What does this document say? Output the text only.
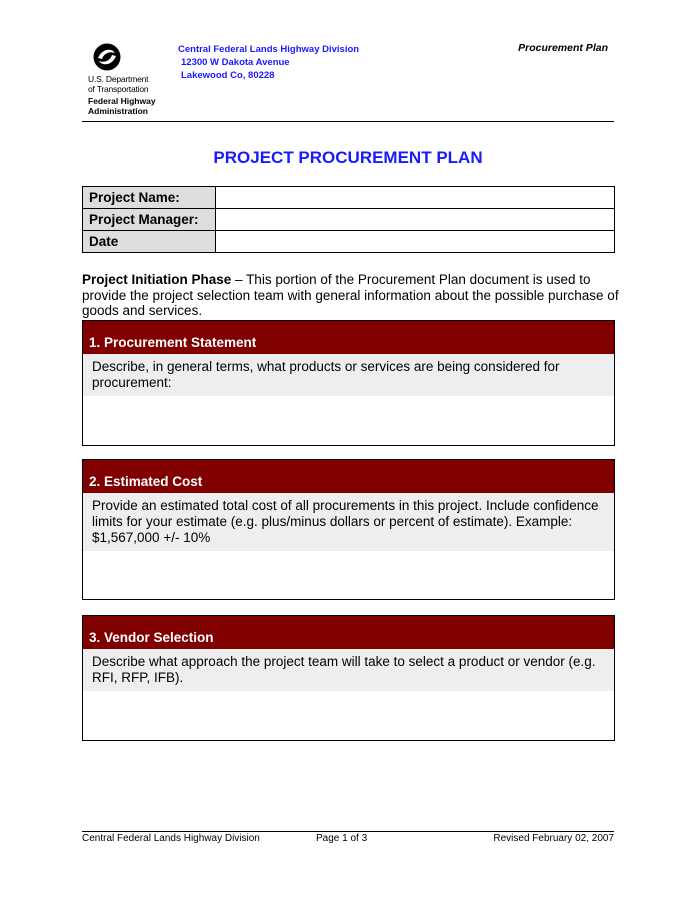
U.S. Department
of Transportation
Federal Highway
Administration
Central Federal Lands Highway Division
12300 W Dakota Avenue
Lakewood Co, 80228
Procurement Plan
PROJECT PROCUREMENT PLAN
Project Name:	
Project Manager:	
Date	
Project Initiation Phase – This portion of the Procurement Plan document is used to provide the project selection team with general information about the possible purchase of goods and services.
1. Procurement Statement
Describe, in general terms, what products or services are being considered for procurement:
2. Estimated Cost
Provide an estimated total cost of all procurements in this project. Include confidence limits for your estimate (e.g. plus/minus dollars or percent of estimate). Example: $1,567,000 +/- 10%
3. Vendor Selection
Describe what approach the project team will take to select a product or vendor (e.g. RFI, RFP, IFB).
Central Federal Lands Highway Division	Page 1 of 3	Revised February 02, 2007
